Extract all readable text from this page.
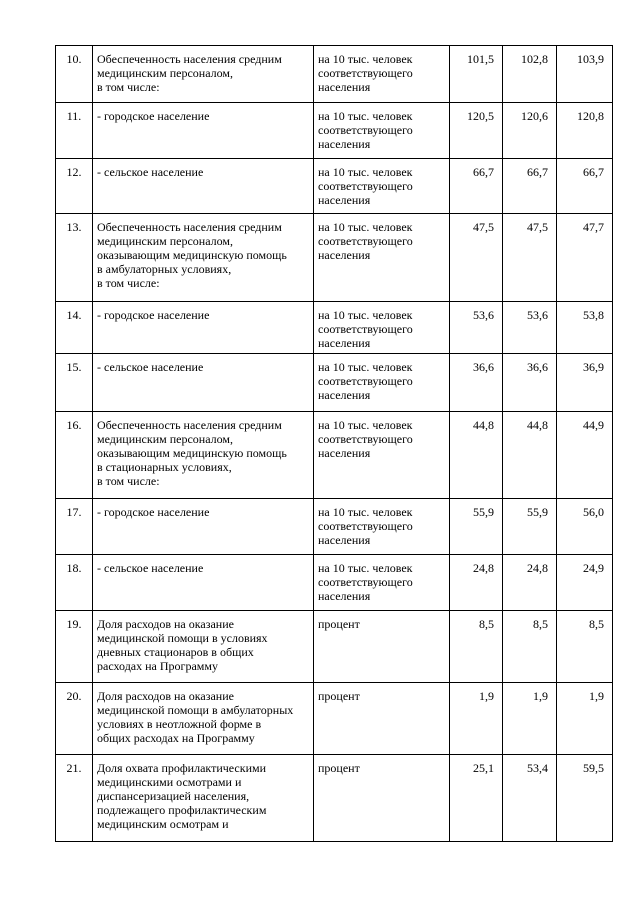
10.	Обеспеченность населения средним
медицинским персоналом,
в том числе:	на 10 тыс. человек
соответствующего
населения	101,5	102,8	103,9
11.	- городское население	на 10 тыс. человек
соответствующего
населения	120,5	120,6	120,8
12.	- сельское население	на 10 тыс. человек
соответствующего
населения	66,7	66,7	66,7
13.	Обеспеченность населения средним
медицинским персоналом,
оказывающим медицинскую помощь
в амбулаторных условиях,
в том числе:	на 10 тыс. человек
соответствующего
населения	47,5	47,5	47,7
14.	- городское население	на 10 тыс. человек
соответствующего
населения	53,6	53,6	53,8
15.	- сельское население	на 10 тыс. человек
соответствующего
населения	36,6	36,6	36,9
16.	Обеспеченность населения средним
медицинским персоналом,
оказывающим медицинскую помощь
в стационарных условиях,
в том числе:	на 10 тыс. человек
соответствующего
населения	44,8	44,8	44,9
17.	- городское население	на 10 тыс. человек
соответствующего
населения	55,9	55,9	56,0
18.	- сельское население	на 10 тыс. человек
соответствующего
населения	24,8	24,8	24,9
19.	Доля расходов на оказание
медицинской помощи в условиях
дневных стационаров в общих
расходах на Программу	процент	8,5	8,5	8,5
20.	Доля расходов на оказание
медицинской помощи в амбулаторных
условиях в неотложной форме в
общих расходах на Программу	процент	1,9	1,9	1,9
21.	Доля охвата профилактическими
медицинскими осмотрами и
диспансеризацией населения,
подлежащего профилактическим
медицинским осмотрам и	процент	25,1	53,4	59,5
